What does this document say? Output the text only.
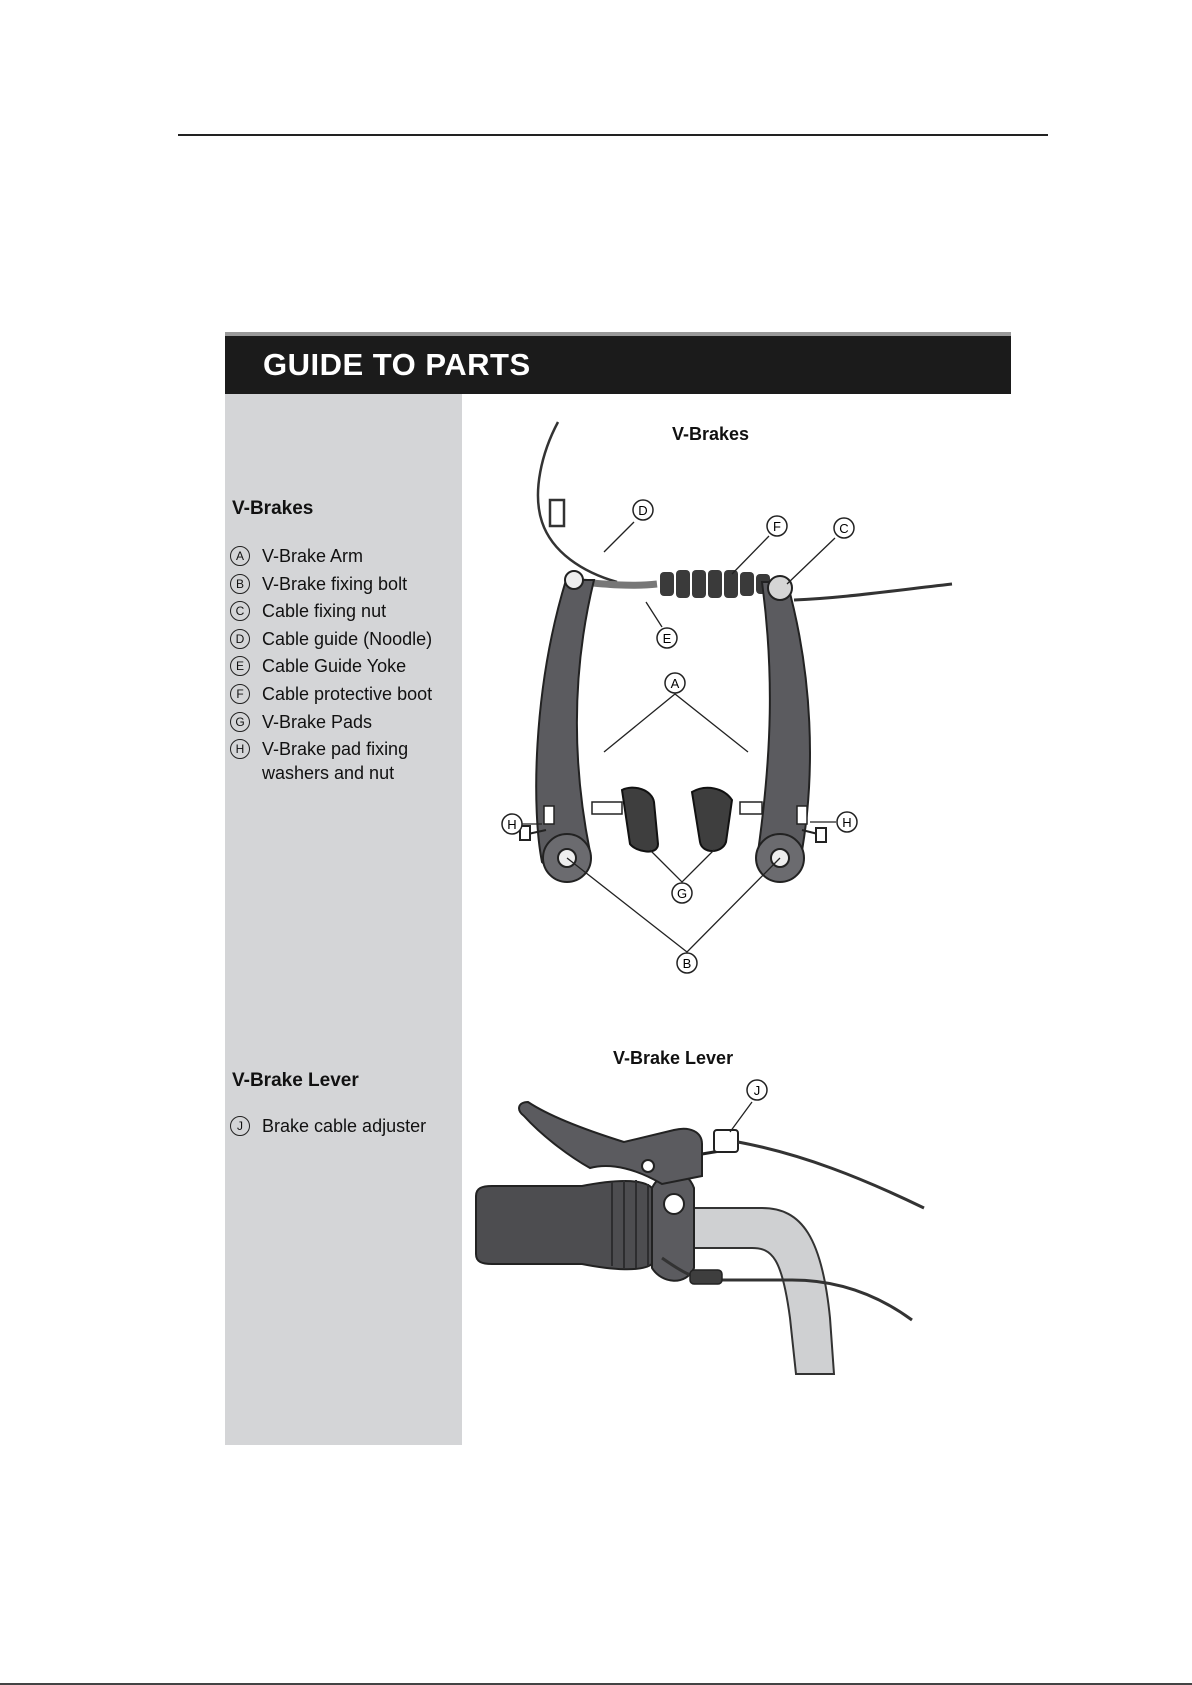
GUIDE TO PARTS
V-Brakes
A	V-Brake Arm
B	V-Brake fixing bolt
C Cable fixing nut
D Cable guide (Noodle)
E	Cable Guide Yoke
F	Cable protective boot
G V-Brake Pads
H V-Brake pad fixing washers and nut
V-Brake Lever
J	Brake cable adjuster
V-Brakes
D
F	C
E
A
H	H
G
B
V-Brake Lever
J
